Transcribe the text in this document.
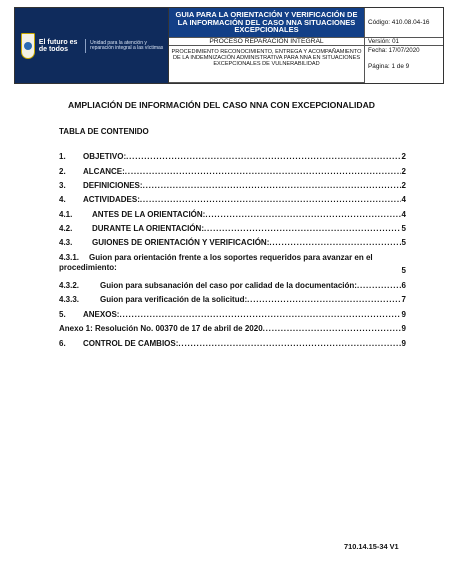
El futuro es de todos
Unidad para la atención y reparación integral a las víctimas
GUIA PARA LA ORIENTACIÓN Y VERIFICACIÓN DE LA INFORMACIÓN DEL CASO NNA SITUACIONES EXCEPCIONALES
PROCESO REPARACIÓN INTEGRAL
PROCEDIMIENTO RECONOCIMIENTO, ENTREGA Y ACOMPAÑAMIENTO DE LA INDEMNIZACIÓN ADMINISTRATIVA PARA NNA EN SITUACIONES EXCEPCIONALES DE VULNERABILIDAD
Código: 410.08.04-16
Versión: 01
Fecha: 17/07/2020
Página: 1 de 9
AMPLIACIÓN DE INFORMACIÓN DEL CASO NNA CON EXCEPCIONALIDAD
TABLA DE CONTENIDO
1.	OBJETIVO: .....	2
2.	ALCANCE: .....	2
3.	DEFINICIONES: .....	2
4.	ACTIVIDADES: .....	4
4.1.	ANTES DE LA ORIENTACIÓN: .....	4
4.2.	DURANTE LA ORIENTACIÓN: .....	5
4.3.	GUIONES DE ORIENTACIÓN Y VERIFICACIÓN: .....	5
4.3.1. Guion para orientación frente a los soportes requeridos para avanzar en el procedimiento:	5
4.3.2.	Guion para subsanación del caso por calidad de la documentación: .....	6
4.3.3.	Guion para verificación de la solicitud: .....	7
5.	ANEXOS: .....	9
Anexo 1: Resolución No. 00370 de 17 de abril de 2020 .....	9
6.	CONTROL DE CAMBIOS: .....	9
710.14.15-34 V1
